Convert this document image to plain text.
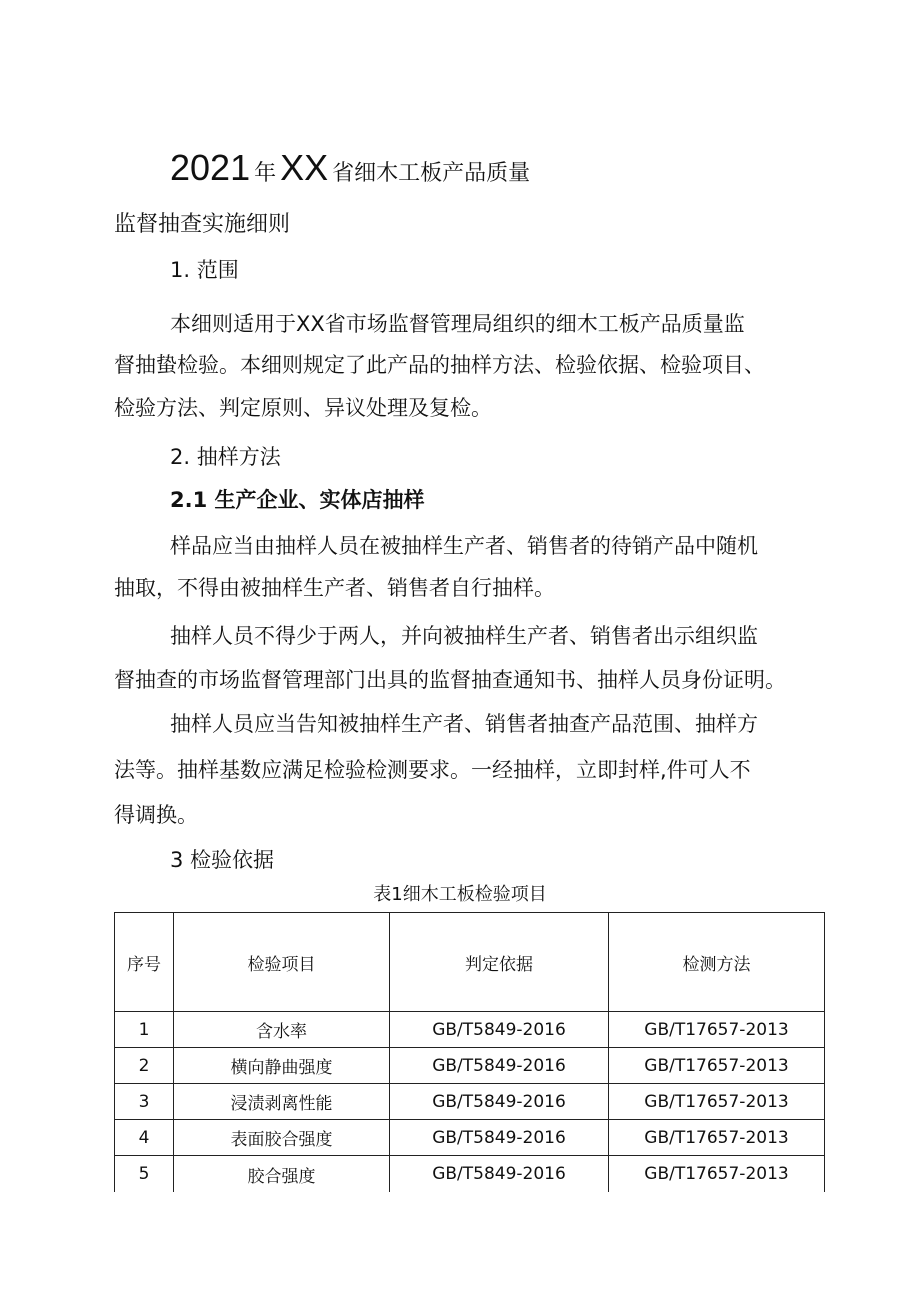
2021 年 XX 省细木工板产品质量
监督抽查实施细则
1. 范围
本细则适用于XX省市场监督管理局组织的细木工板产品质量监
督抽蛰检验。本细则规定了此产品的抽样方法、检验依据、检验项目、
检验方法、判定原则、异议处理及复检。
2. 抽样方法
2.1 生产企业、实体店抽样
样品应当由抽样人员在被抽样生产者、销售者的待销产品中随机
抽取，不得由被抽样生产者、销售者自行抽样。
抽样人员不得少于两人，并向被抽样生产者、销售者出示组织监
督抽查的市场监督管理部门出具的监督抽查通知书、抽样人员身份证明。
抽样人员应当告知被抽样生产者、销售者抽查产品范围、抽样方
法等。抽样基数应满足检验检测要求。一经抽样，立即封样,件可人不
得调换。
3 检验依据
表1细木工板检验项目
序号	检验项目	判定依据	检测方法
1	含水率	GB/T5849-2016	GB/T17657-2013
2	横向静曲强度	GB/T5849-2016	GB/T17657-2013
3	浸渍剥离性能	GB/T5849-2016	GB/T17657-2013
4	表面胶合强度	GB/T5849-2016	GB/T17657-2013
5	胶合强度	GB/T5849-2016	GB/T17657-2013
